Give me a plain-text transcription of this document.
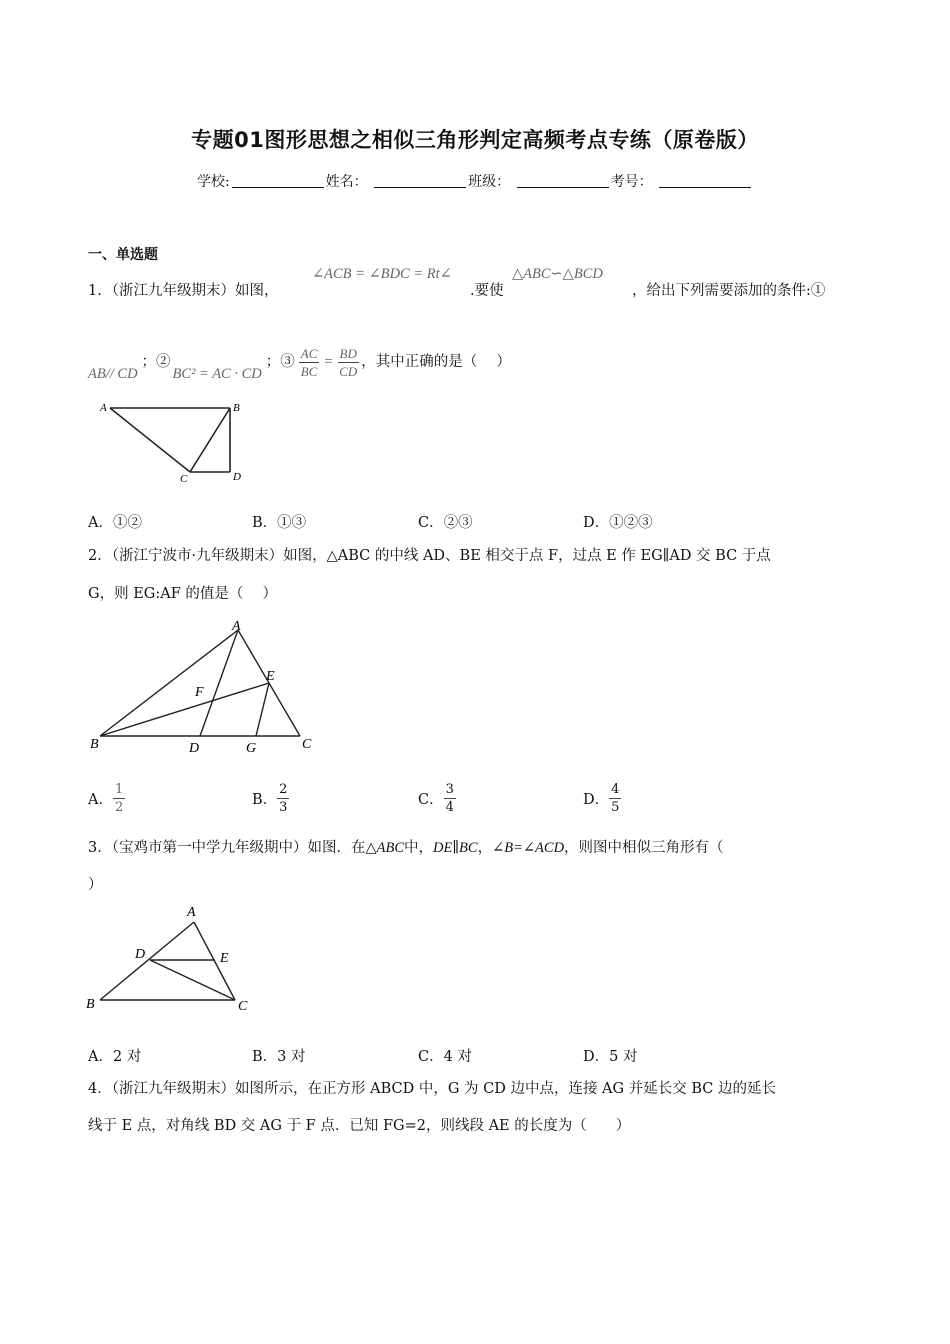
专题01图形思想之相似三角形判定高频考点专练（原卷版）
学校:	姓名：	班级：	考号：
一、单选题
1．（浙江九年级期末）如图，
∠ACB = ∠BDC = Rt∠
.要使
△ABC∽△BCD
，给出下列需要添加的条件:①
AB// CD
；②
BC² = AC · CD
；③ $\frac{AC}{BC} = \frac{BD}{CD}$ ，其中正确的是（　 ）
A	B
C	D
A．①②	B．①③	C．②③	D．①②③
2．（浙江宁波市·九年级期末）如图，△ABC 的中线 AD、BE 相交于点 F，过点 E 作 EG∥AD 交 BC 于点
G，则 EG:AF 的值是（　 ）
A
B	C
D
E
F
G
A． $\frac{1}{2}$	B． $\frac{2}{3}$	C． $\frac{3}{4}$	D． $\frac{4}{5}$
3．（宝鸡市第一中学九年级期中）如图．在△ABC中，DE∥BC，∠B=∠ACD，则图中相似三角形有（
）
A
B	C
D	E
A．2 对	B．3 对	C．4 对	D．5 对
4．（浙江九年级期末）如图所示，在正方形 ABCD 中，G 为 CD 边中点，连接 AG 并延长交 BC 边的延长
线于 E 点，对角线 BD 交 AG 于 F 点．已知 FG=2，则线段 AE 的长度为（　　）
